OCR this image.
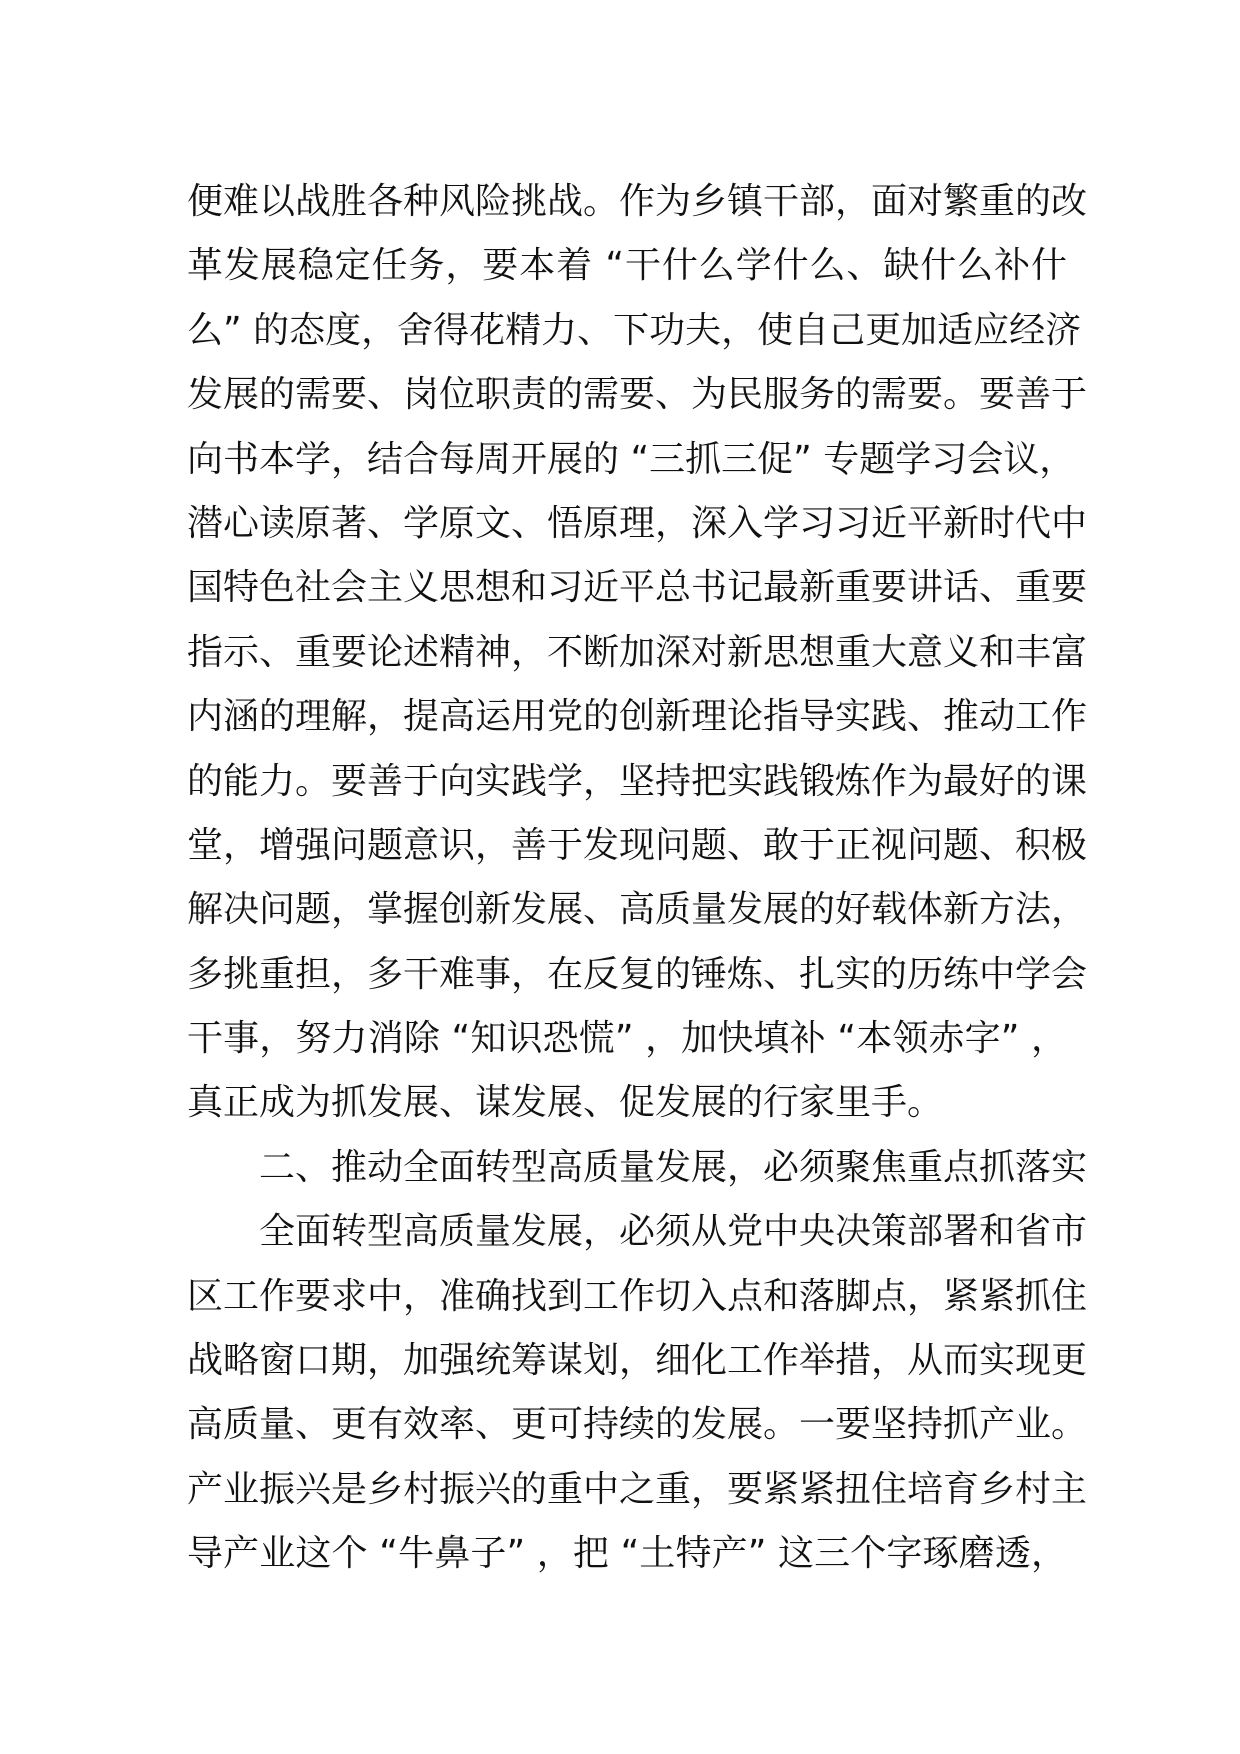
便难以战胜各种风险挑战。作为乡镇干部，面对繁重的改
革发展稳定任务，要本着 “干什么学什么、缺什么补什
么” 的态度，舍得花精力、下功夫，使自己更加适应经济
发展的需要、岗位职责的需要、为民服务的需要。要善于
向书本学，结合每周开展的 “三抓三促” 专题学习会议，
潜心读原著、学原文、悟原理，深入学习习近平新时代中
国特色社会主义思想和习近平总书记最新重要讲话、重要
指示、重要论述精神，不断加深对新思想重大意义和丰富
内涵的理解，提高运用党的创新理论指导实践、推动工作
的能力。要善于向实践学，坚持把实践锻炼作为最好的课
堂，增强问题意识，善于发现问题、敢于正视问题、积极
解决问题，掌握创新发展、高质量发展的好载体新方法，
多挑重担，多干难事，在反复的锤炼、扎实的历练中学会
干事，努力消除 “知识恐慌” ，加快填补 “本领赤字” ，
真正成为抓发展、谋发展、促发展的行家里手。
二、推动全面转型高质量发展，必须聚焦重点抓落实
全面转型高质量发展，必须从党中央决策部署和省市
区工作要求中，准确找到工作切入点和落脚点，紧紧抓住
战略窗口期，加强统筹谋划，细化工作举措，从而实现更
高质量、更有效率、更可持续的发展。一要坚持抓产业。
产业振兴是乡村振兴的重中之重，要紧紧扭住培育乡村主
导产业这个 “牛鼻子” ，把 “土特产” 这三个字琢磨透，
